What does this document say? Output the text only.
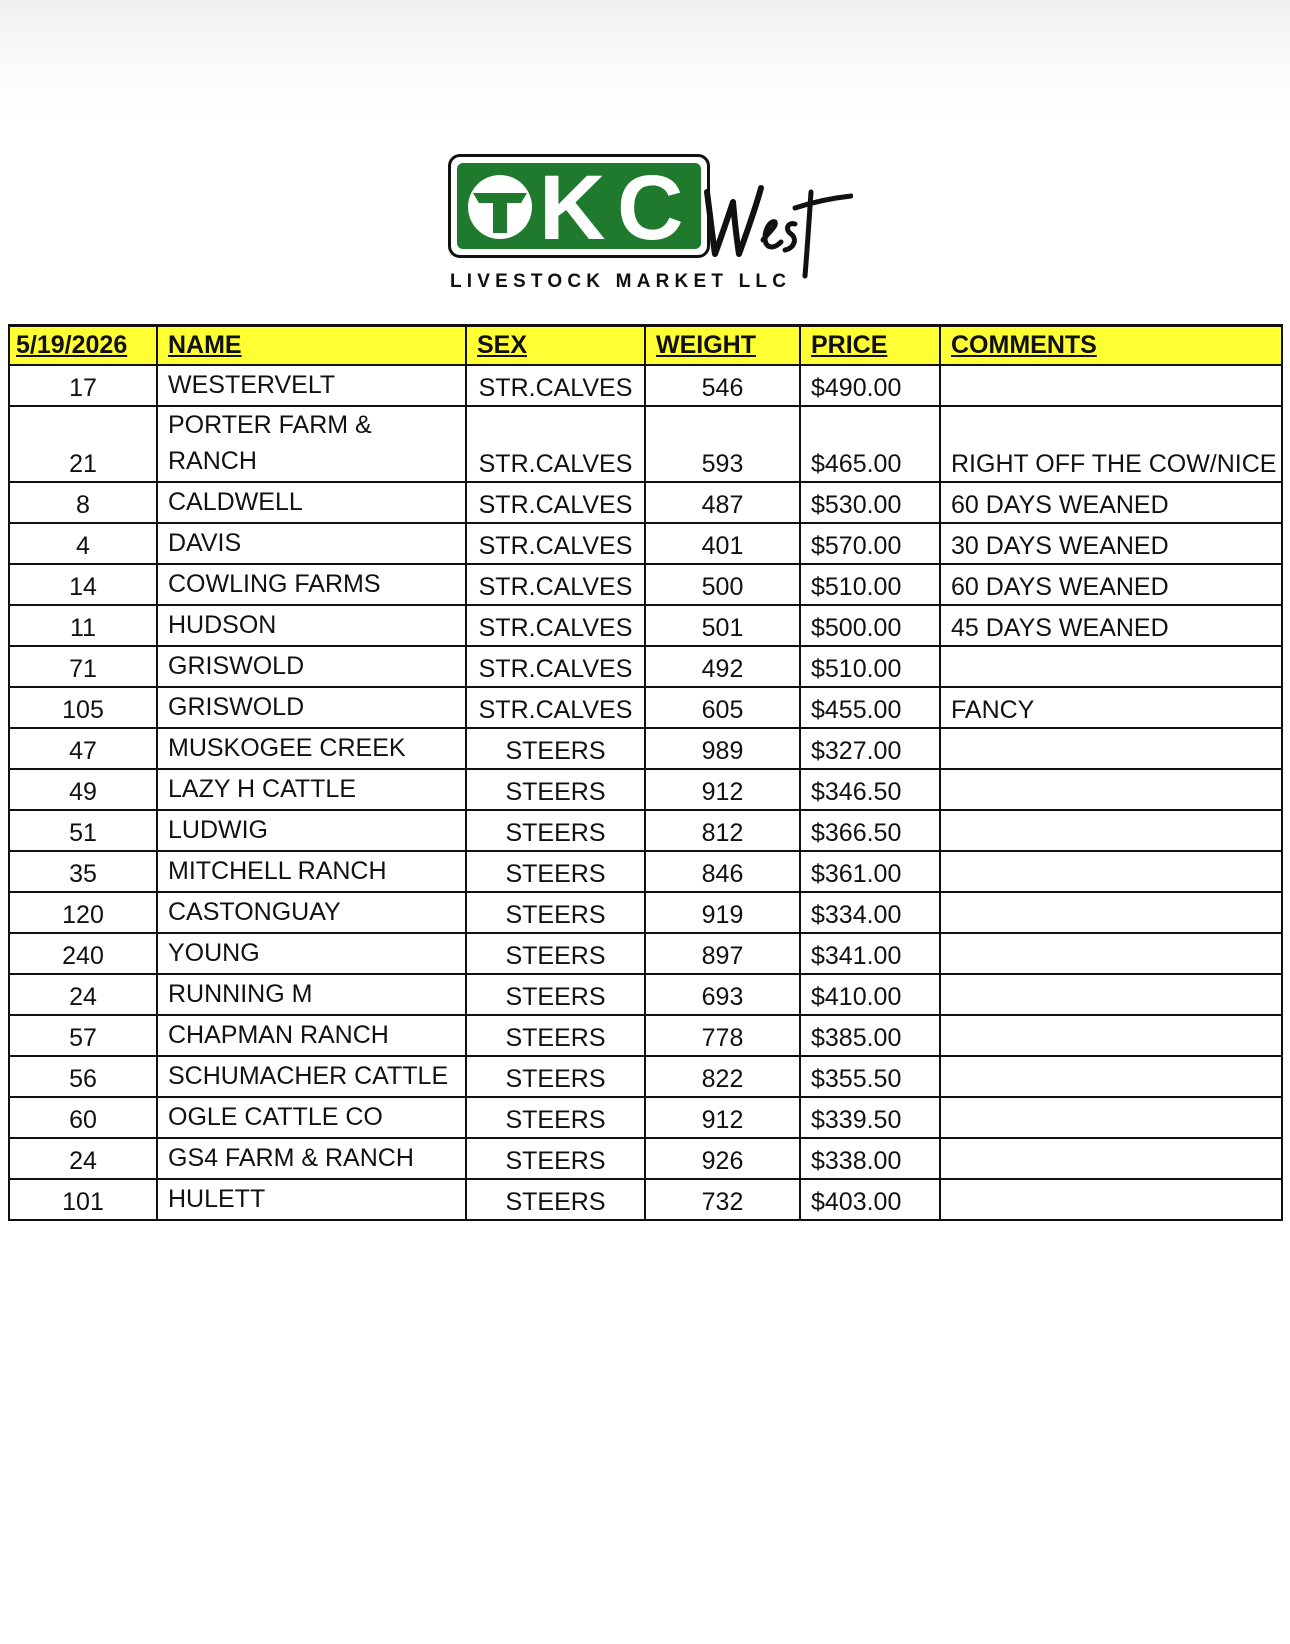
K C
LIVESTOCK MARKET LLC
5/19/2026	NAME	SEX	WEIGHT	PRICE	COMMENTS
17	WESTERVELT	STR.CALVES	546	$490.00	
21	PORTER FARM & RANCH	STR.CALVES	593	$465.00	RIGHT OFF THE COW/NICE
8	CALDWELL	STR.CALVES	487	$530.00	60 DAYS WEANED
4	DAVIS	STR.CALVES	401	$570.00	30 DAYS WEANED
14	COWLING FARMS	STR.CALVES	500	$510.00	60 DAYS WEANED
11	HUDSON	STR.CALVES	501	$500.00	45 DAYS WEANED
71	GRISWOLD	STR.CALVES	492	$510.00	
105	GRISWOLD	STR.CALVES	605	$455.00	FANCY
47	MUSKOGEE CREEK	STEERS	989	$327.00	
49	LAZY H CATTLE	STEERS	912	$346.50	
51	LUDWIG	STEERS	812	$366.50	
35	MITCHELL RANCH	STEERS	846	$361.00	
120	CASTONGUAY	STEERS	919	$334.00	
240	YOUNG	STEERS	897	$341.00	
24	RUNNING M	STEERS	693	$410.00	
57	CHAPMAN RANCH	STEERS	778	$385.00	
56	SCHUMACHER CATTLE	STEERS	822	$355.50	
60	OGLE CATTLE CO	STEERS	912	$339.50	
24	GS4 FARM & RANCH	STEERS	926	$338.00	
101	HULETT	STEERS	732	$403.00	
